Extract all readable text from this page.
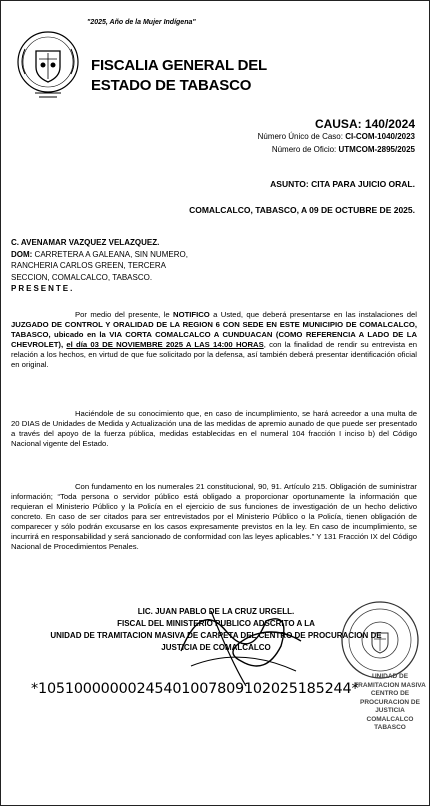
"2025, Año de la Mujer Indígena"
FISCALIA GENERAL DEL
ESTADO DE TABASCO
CAUSA: 140/2024
Número Único de Caso: CI-COM-1040/2023
Número de Oficio: UTMCOM-2895/2025
ASUNTO: CITA PARA JUICIO ORAL.
COMALCALCO, TABASCO, A 09 DE OCTUBRE DE 2025.
C. AVENAMAR VAZQUEZ VELAZQUEZ.
DOM: CARRETERA A GALEANA, SIN NUMERO,
RANCHERIA CARLOS GREEN, TERCERA
SECCION, COMALCALCO, TABASCO.
PRESENTE.

Por medio del presente, le NOTIFICO a Usted, que deberá presentarse en las instalaciones del JUZGADO DE CONTROL Y ORALIDAD DE LA REGION 6 CON SEDE EN ESTE MUNICIPIO DE COMALCALCO, TABASCO, ubicado en la VIA CORTA COMALCALCO A CUNDUACAN (COMO REFERENCIA A LADO DE LA CHEVROLET), el día 03 DE NOVIEMBRE 2025 A LAS 14:00 HORAS, con la finalidad de rendir su entrevista en relación a los hechos, en virtud de que fue solicitado por la defensa, así también deberá presentar identificación oficial en original.

Haciéndole de su conocimiento que, en caso de incumplimiento, se hará acreedor a una multa de 20 DIAS de Unidades de Medida y Actualización una de las medidas de apremio aunado de que puede ser presentado a través del apoyo de la fuerza pública, medidas establecidas en el numeral 104 fracción I inciso b) del Código Nacional vigente del Estado.

Con fundamento en los numerales 21 constitucional, 90, 91. Artículo 215. Obligación de suministrar información; “Toda persona o servidor público está obligado a proporcionar oportunamente la información que requieran el Ministerio Público y la Policía en el ejercicio de sus funciones de investigación de un hecho delictivo concreto. En caso de ser citados para ser entrevistados por el Ministerio Público o la Policía, tienen obligación de comparecer y sólo podrán excusarse en los casos expresamente previstos en la ley. En caso de incumplimiento, se incurrirá en responsabilidad y será sancionado de conformidad con las leyes aplicables.” Y 131 Fracción IX del Código Nacional de Procedimientos Penales.

LIC. JUAN PABLO DE LA CRUZ URGELL.
FISCAL DEL MINISTERIO PUBLICO ADSCRITO A LA
UNIDAD DE TRAMITACION MASIVA DE CARPETA DEL CENTRO DE PROCURACION DE
JUSTICIA DE COMALCALCO
UNIDAD DE TRAMITACION MASIVA
CENTRO DE
PROCURACION DE JUSTICIA
COMALCALCO TABASCO
*10510000000245401007809102025185244*
